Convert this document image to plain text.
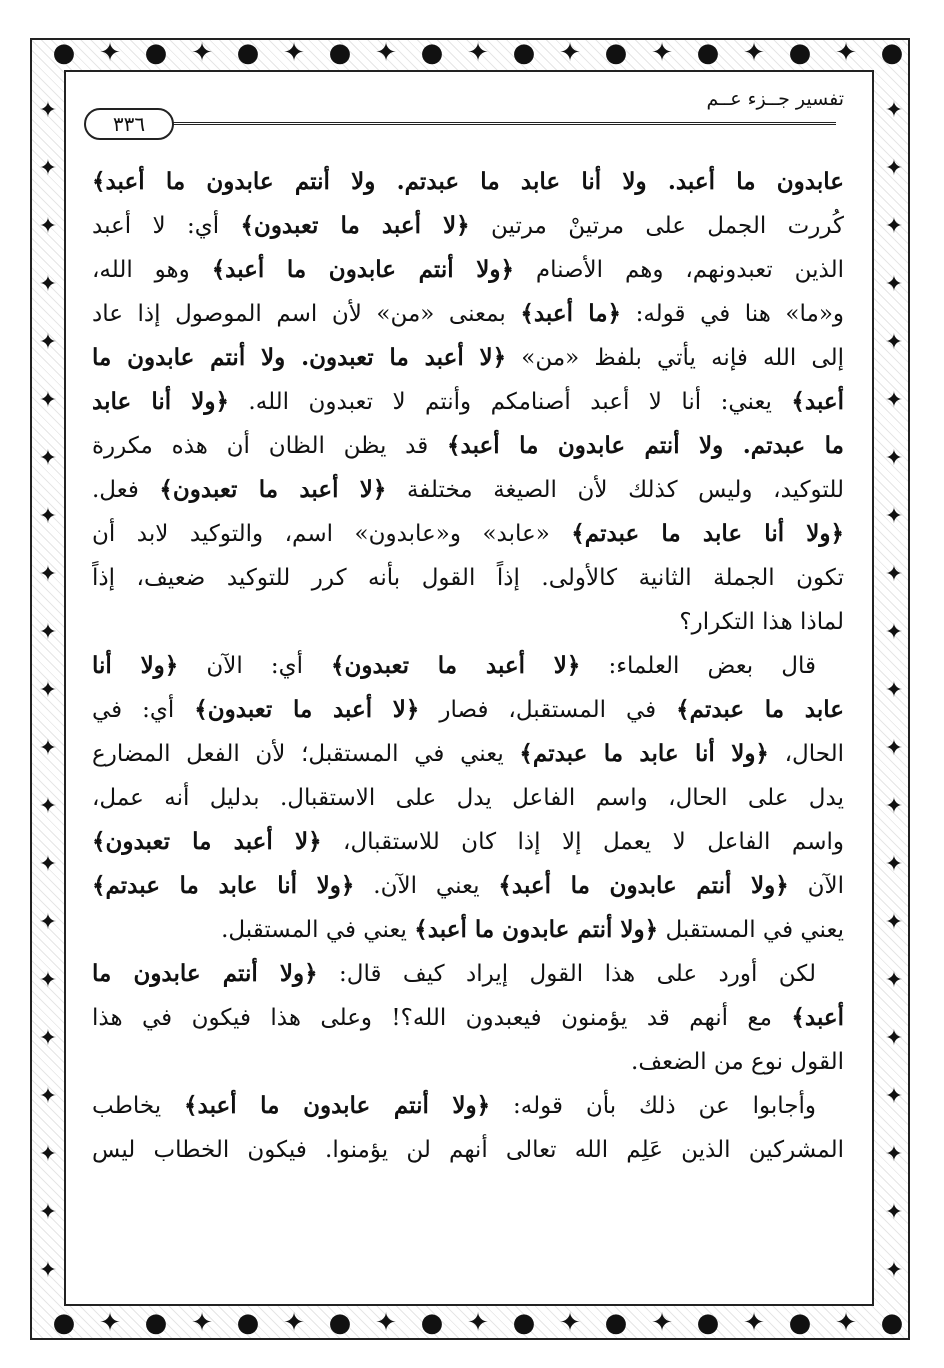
●
●
✦
✦
●
●
✦
✦
●
●
✦
✦
●
●
✦
✦
●
●
✦
✦
●
●
✦
✦
●
●
✦
✦
●
●
✦
✦
●
●
✦
✦
●
●
✦	✦
✦	✦
✦	✦
✦	✦
✦	✦
✦	✦
✦	✦
✦	✦
✦	✦
✦	✦
✦	✦
✦	✦
✦	✦
✦	✦
✦	✦
✦	✦
✦	✦
✦	✦
✦	✦
✦	✦
✦	✦
تفسير جــزء عــم
٣٣٦
عابدون ما أعبد. ولا أنا عابد ما عبدتم. ولا أنتم عابدون ما أعبد﴾
كُررت الجمل على مرتينْ مرتين ﴿لا أعبد ما تعبدون﴾ أي: لا أعبد
الذين تعبدونهم، وهم الأصنام ﴿ولا أنتم عابدون ما أعبد﴾ وهو الله،
و«ما» هنا في قوله: ﴿ما أعبد﴾ بمعنى «من» لأن اسم الموصول إذا عاد
إلى الله فإنه يأتي بلفظ «من» ﴿لا أعبد ما تعبدون. ولا أنتم عابدون ما
أعبد﴾ يعني: أنا لا أعبد أصنامكم وأنتم لا تعبدون الله. ﴿ولا أنا عابد
ما عبدتم. ولا أنتم عابدون ما أعبد﴾ قد يظن الظان أن هذه مكررة
للتوكيد، وليس كذلك لأن الصيغة مختلفة ﴿لا أعبد ما تعبدون﴾ فعل.
﴿ولا أنا عابد ما عبدتم﴾ «عابد» و«عابدون» اسم، والتوكيد لابد أن
تكون الجملة الثانية كالأولى. إذاً القول بأنه كرر للتوكيد ضعيف، إذاً
لماذا هذا التكرار؟
قال بعض العلماء: ﴿لا أعبد ما تعبدون﴾ أي: الآن ﴿ولا أنا
عابد ما عبدتم﴾ في المستقبل، فصار ﴿لا أعبد ما تعبدون﴾ أي: في
الحال، ﴿ولا أنا عابد ما عبدتم﴾ يعني في المستقبل؛ لأن الفعل المضارع
يدل على الحال، واسم الفاعل يدل على الاستقبال. بدليل أنه عمل،
واسم الفاعل لا يعمل إلا إذا كان للاستقبال، ﴿لا أعبد ما تعبدون﴾
الآن ﴿ولا أنتم عابدون ما أعبد﴾ يعني الآن. ﴿ولا أنا عابد ما عبدتم﴾
يعني في المستقبل ﴿ولا أنتم عابدون ما أعبد﴾ يعني في المستقبل.
لكن أورد على هذا القول إيراد كيف قال: ﴿ولا أنتم عابدون ما
أعبد﴾ مع أنهم قد يؤمنون فيعبدون الله؟! وعلى هذا فيكون في هذا
القول نوع من الضعف.
وأجابوا عن ذلك بأن قوله: ﴿ولا أنتم عابدون ما أعبد﴾ يخاطب
المشركين الذين عَلِم الله تعالى أنهم لن يؤمنوا. فيكون الخطاب ليس
